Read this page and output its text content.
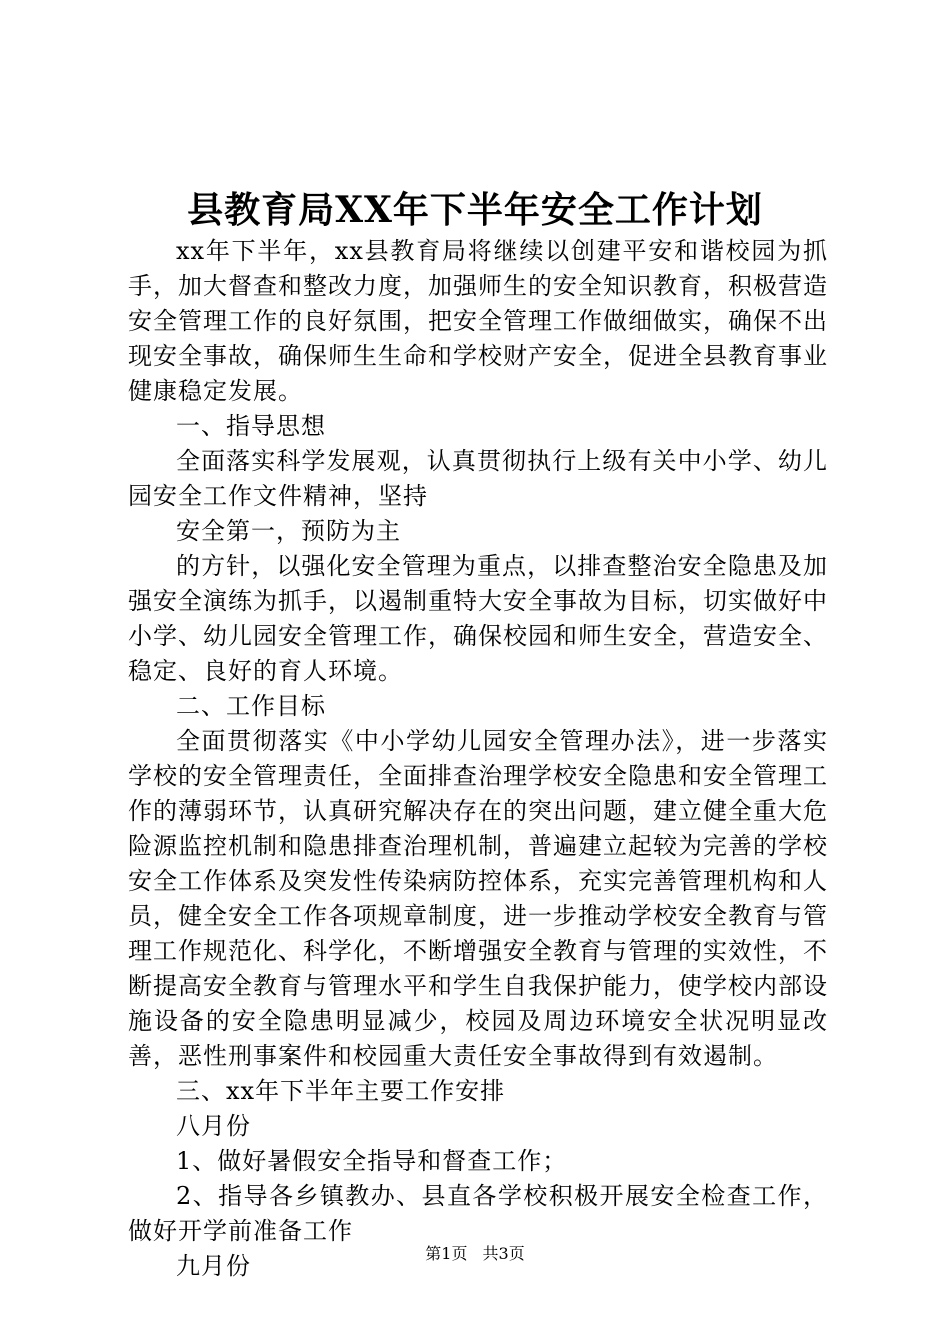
县教育局XX年下半年安全工作计划

xx年下半年，xx县教育局将继续以创建平安和谐校园为抓手，加大督查和整改力度，加强师生的安全知识教育，积极营造安全管理工作的良好氛围，把安全管理工作做细做实，确保不出现安全事故，确保师生生命和学校财产安全，促进全县教育事业健康稳定发展。

一、指导思想

全面落实科学发展观，认真贯彻执行上级有关中小学、幼儿园安全工作文件精神，坚持

安全第一，预防为主

的方针，以强化安全管理为重点，以排查整治安全隐患及加强安全演练为抓手，以遏制重特大安全事故为目标，切实做好中小学、幼儿园安全管理工作，确保校园和师生安全，营造安全、稳定、良好的育人环境。

二、工作目标

全面贯彻落实《中小学幼儿园安全管理办法》，进一步落实学校的安全管理责任，全面排查治理学校安全隐患和安全管理工作的薄弱环节，认真研究解决存在的突出问题，建立健全重大危险源监控机制和隐患排查治理机制，普遍建立起较为完善的学校安全工作体系及突发性传染病防控体系，充实完善管理机构和人员，健全安全工作各项规章制度，进一步推动学校安全教育与管理工作规范化、科学化，不断增强安全教育与管理的实效性，不断提高安全教育与管理水平和学生自我保护能力，使学校内部设施设备的安全隐患明显减少，校园及周边环境安全状况明显改善，恶性刑事案件和校园重大责任安全事故得到有效遏制。

三、xx年下半年主要工作安排

八月份

1、做好暑假安全指导和督查工作；

2、指导各乡镇教办、县直各学校积极开展安全检查工作，做好开学前准备工作

九月份	第1页 共3页
